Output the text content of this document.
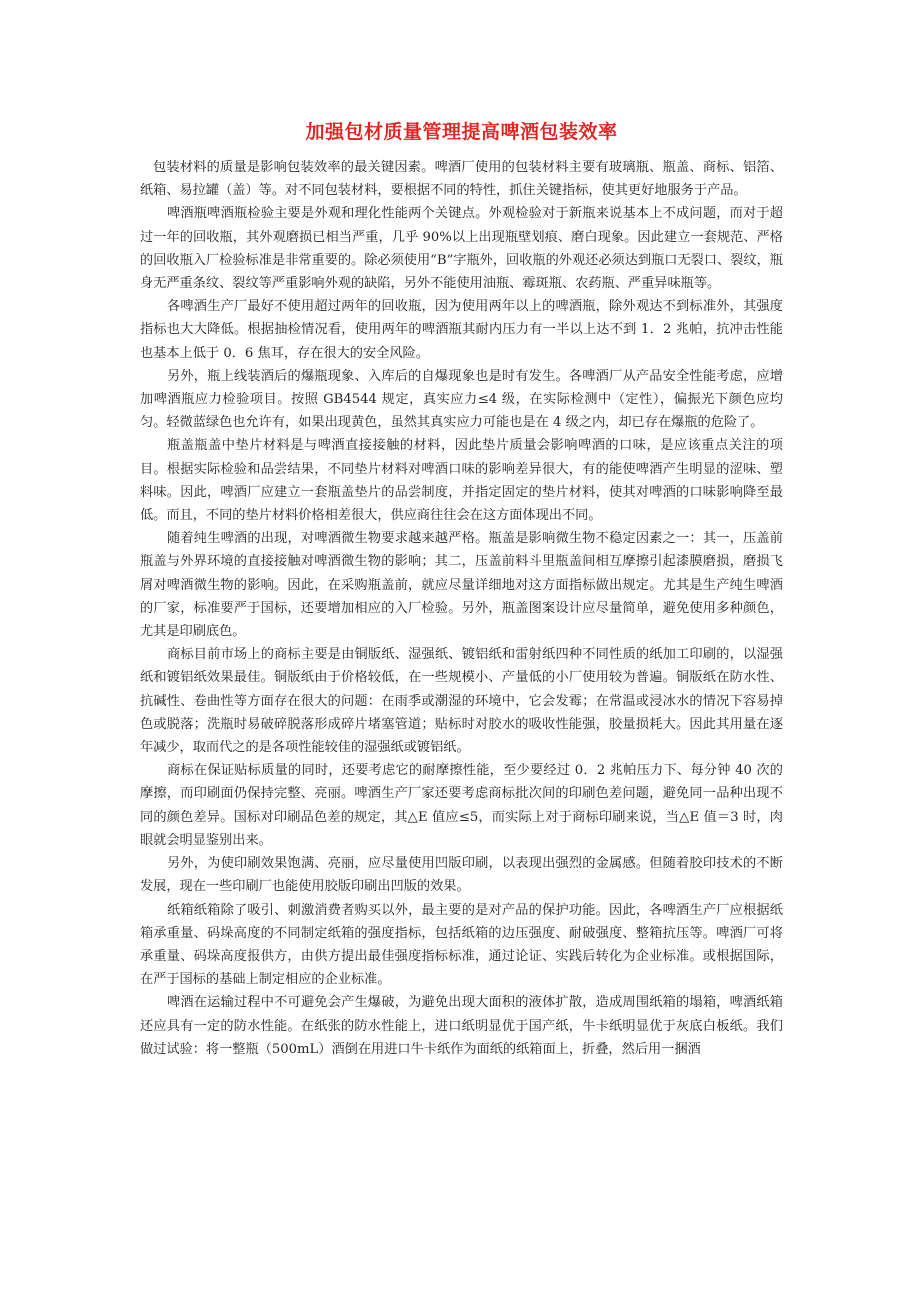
加强包材质量管理提高啤酒包装效率

包装材料的质量是影响包装效率的最关键因素。啤酒厂使用的包装材料主要有玻璃瓶、瓶盖、商标、铝箔、纸箱、易拉罐（盖）等。对不同包装材料，要根据不同的特性，抓住关键指标，使其更好地服务于产品。

啤酒瓶啤酒瓶检验主要是外观和理化性能两个关键点。外观检验对于新瓶来说基本上不成问题，而对于超过一年的回收瓶，其外观磨损已相当严重，几乎 90%以上出现瓶壁划痕、磨白现象。因此建立一套规范、严格的回收瓶入厂检验标准是非常重要的。除必须使用“B”字瓶外，回收瓶的外观还必须达到瓶口无裂口、裂纹，瓶身无严重条纹、裂纹等严重影响外观的缺陷，另外不能使用油瓶、霉斑瓶、农药瓶、严重异味瓶等。

各啤酒生产厂最好不使用超过两年的回收瓶，因为使用两年以上的啤酒瓶，除外观达不到标准外，其强度指标也大大降低。根据抽检情况看，使用两年的啤酒瓶其耐内压力有一半以上达不到 1．2 兆帕，抗冲击性能也基本上低于 0．6 焦耳，存在很大的安全风险。

另外，瓶上线装酒后的爆瓶现象、入库后的自爆现象也是时有发生。各啤酒厂从产品安全性能考虑，应增加啤酒瓶应力检验项目。按照 GB4544 规定，真实应力≤4 级，在实际检测中（定性），偏振光下颜色应均匀。轻微蓝绿色也允许有，如果出现黄色，虽然其真实应力可能也是在 4 级之内，却已存在爆瓶的危险了。

瓶盖瓶盖中垫片材料是与啤酒直接接触的材料，因此垫片质量会影响啤酒的口味，是应该重点关注的项目。根据实际检验和品尝结果，不同垫片材料对啤酒口味的影响差异很大，有的能使啤酒产生明显的涩味、塑料味。因此，啤酒厂应建立一套瓶盖垫片的品尝制度，并指定固定的垫片材料，使其对啤酒的口味影响降至最低。而且，不同的垫片材料价格相差很大，供应商往往会在这方面体现出不同。

随着纯生啤酒的出现，对啤酒微生物要求越来越严格。瓶盖是影响微生物不稳定因素之一：其一，压盖前瓶盖与外界环境的直接接触对啤酒微生物的影响；其二，压盖前料斗里瓶盖间相互摩擦引起漆膜磨损，磨损飞屑对啤酒微生物的影响。因此，在采购瓶盖前，就应尽量详细地对这方面指标做出规定。尤其是生产纯生啤酒的厂家，标准要严于国标，还要增加相应的入厂检验。另外，瓶盖图案设计应尽量简单，避免使用多种颜色，尤其是印刷底色。

商标目前市场上的商标主要是由铜版纸、湿强纸、镀铝纸和雷射纸四种不同性质的纸加工印刷的，以湿强纸和镀铝纸效果最佳。铜版纸由于价格较低，在一些规模小、产量低的小厂使用较为普遍。铜版纸在防水性、抗碱性、卷曲性等方面存在很大的问题：在雨季或潮湿的环境中，它会发霉；在常温或浸冰水的情况下容易掉色或脱落；洗瓶时易破碎脱落形成碎片堵塞管道；贴标时对胶水的吸收性能强，胶量损耗大。因此其用量在逐年减少，取而代之的是各项性能较佳的湿强纸或镀铝纸。

商标在保证贴标质量的同时，还要考虑它的耐摩擦性能，至少要经过 0．2 兆帕压力下、每分钟 40 次的摩擦，而印刷面仍保持完整、亮丽。啤酒生产厂家还要考虑商标批次间的印刷色差问题，避免同一品种出现不同的颜色差异。国标对印刷品色差的规定，其△E 值应≤5，而实际上对于商标印刷来说，当△E 值＝3 时，肉眼就会明显鉴别出来。

另外，为使印刷效果饱满、亮丽，应尽量使用凹版印刷，以表现出强烈的金属感。但随着胶印技术的不断发展，现在一些印刷厂也能使用胶版印刷出凹版的效果。

纸箱纸箱除了吸引、刺激消费者购买以外，最主要的是对产品的保护功能。因此，各啤酒生产厂应根据纸箱承重量、码垛高度的不同制定纸箱的强度指标，包括纸箱的边压强度、耐破强度、整箱抗压等。啤酒厂可将承重量、码垛高度报供方，由供方提出最佳强度指标标准，通过论证、实践后转化为企业标准。或根据国际，在严于国标的基础上制定相应的企业标准。

啤酒在运输过程中不可避免会产生爆破，为避免出现大面积的液体扩散，造成周围纸箱的塌箱，啤酒纸箱还应具有一定的防水性能。在纸张的防水性能上，进口纸明显优于国产纸，牛卡纸明显优于灰底白板纸。我们做过试验：将一整瓶（500mL）酒倒在用进口牛卡纸作为面纸的纸箱面上，折叠，然后用一捆酒
